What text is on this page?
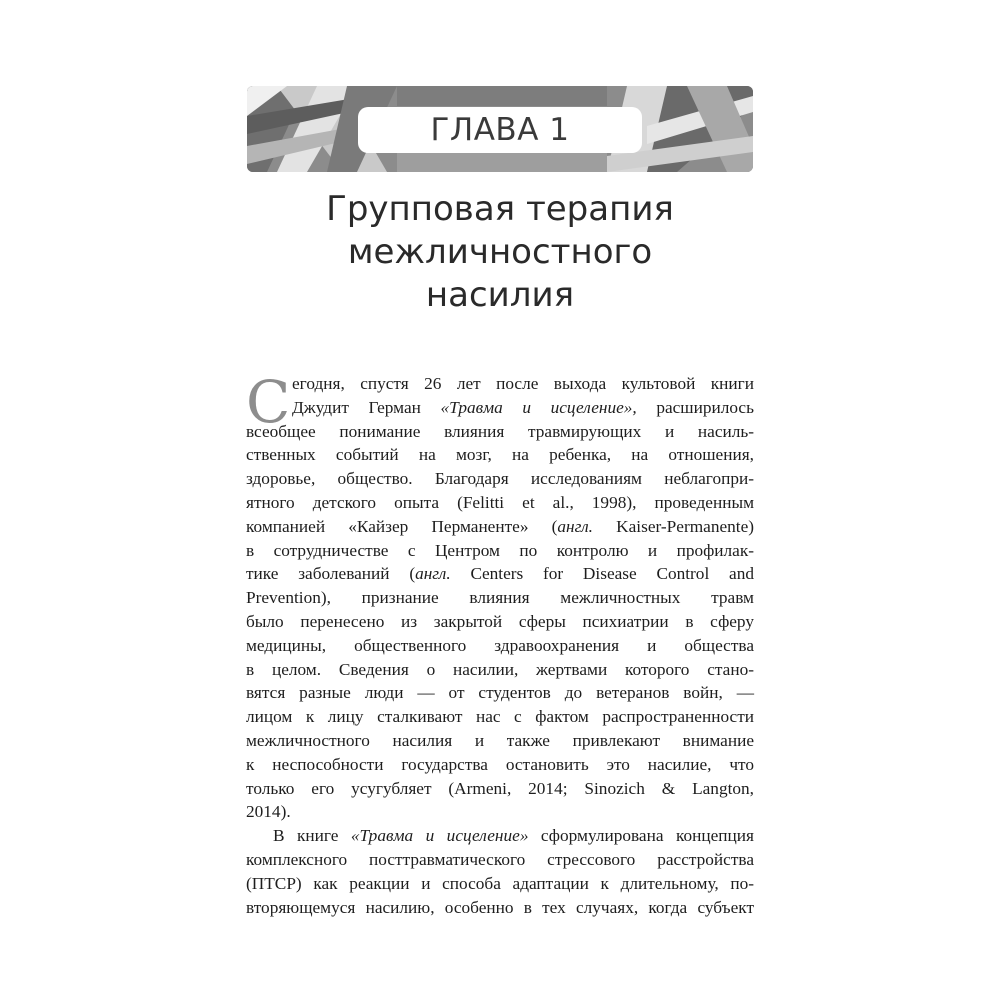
ГЛАВА 1
Групповая терапия
межличностного
насилия
С егодня, спустя 26 лет после выхода культовой книги
Джудит Герман «Травма и исцеление», расширилось
всеобщее понимание влияния травмирующих и насиль-
ственных событий на мозг, на ребенка, на отношения,
здоровье, общество. Благодаря исследованиям неблагопри-
ятного детского опыта (Felitti et al., 1998), проведенным
компанией «Кайзер Перманенте» (англ. Kaiser-Permanente)
в сотрудничестве с Центром по контролю и профилак-
тике заболеваний (англ. Centers for Disease Control and
Prevention), признание влияния межличностных травм
было перенесено из закрытой сферы психиатрии в сферу
медицины, общественного здравоохранения и общества
в целом. Сведения о насилии, жертвами которого стано-
вятся разные люди — от студентов до ветеранов войн, —
лицом к лицу сталкивают нас с фактом распространенности
межличностного насилия и также привлекают внимание
к неспособности государства остановить это насилие, что
только его усугубляет (Armeni, 2014; Sinozich & Langton,
2014).
В книге «Травма и исцеление» сформулирована концепция
комплексного посттравматического стрессового расстройства
(ПТСР) как реакции и способа адаптации к длительному, по-
вторяющемуся насилию, особенно в тех случаях, когда субъект
